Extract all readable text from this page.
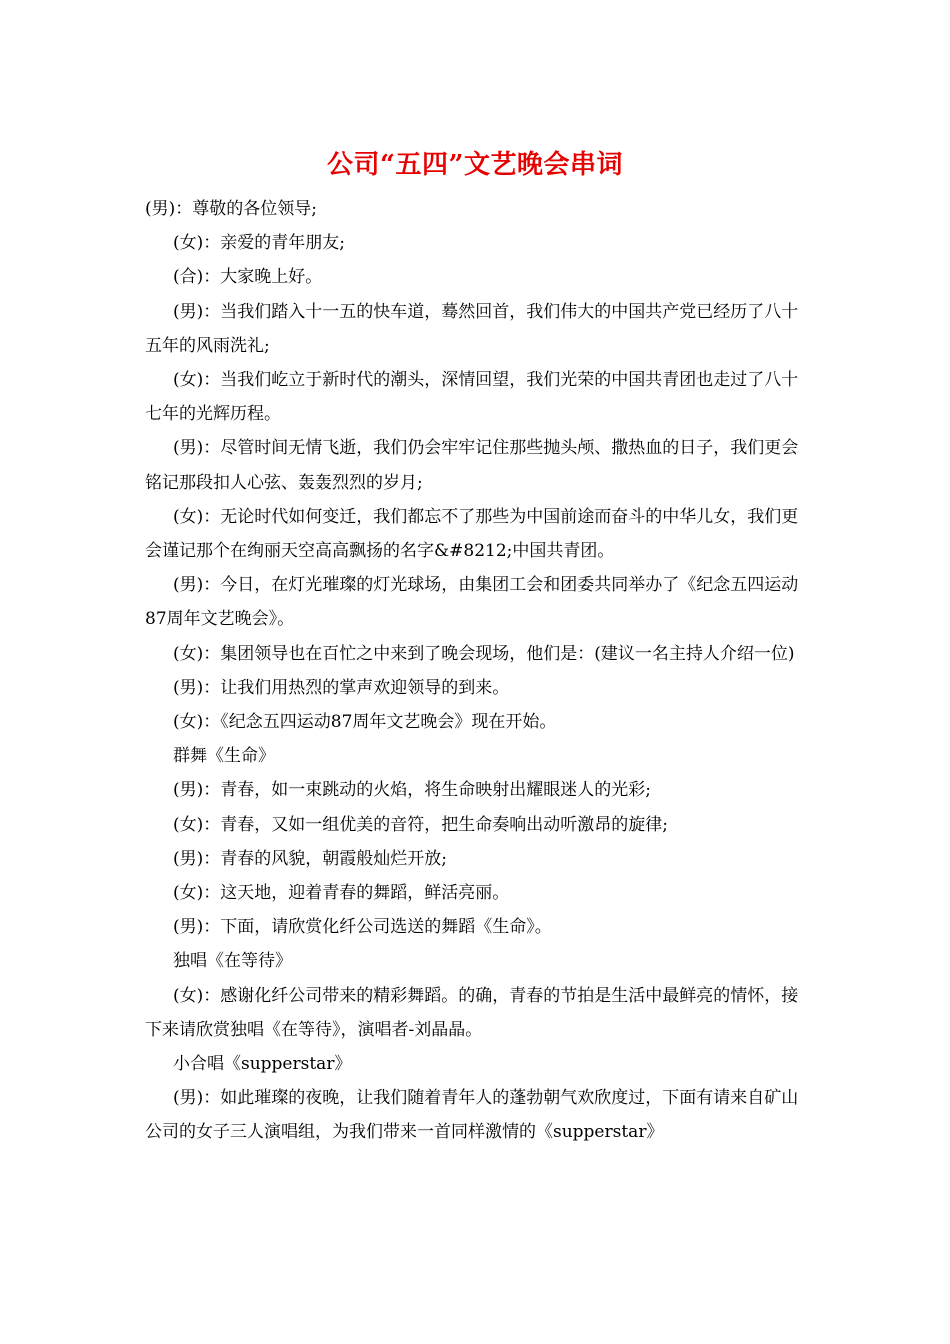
公司“五四”文艺晚会串词

(男)：尊敬的各位领导;

(女)：亲爱的青年朋友;

(合)：大家晚上好。

(男)：当我们踏入十一五的快车道，蓦然回首，我们伟大的中国共产党已经历了八十五年的风雨洗礼;

(女)：当我们屹立于新时代的潮头，深情回望，我们光荣的中国共青团也走过了八十七年的光辉历程。

(男)：尽管时间无情飞逝，我们仍会牢牢记住那些抛头颅、撒热血的日子，我们更会铭记那段扣人心弦、轰轰烈烈的岁月;

(女)：无论时代如何变迁，我们都忘不了那些为中国前途而奋斗的中华儿女，我们更会谨记那个在绚丽天空高高飘扬的名字&#8212;中国共青团。

(男)：今日，在灯光璀璨的灯光球场，由集团工会和团委共同举办了《纪念五四运动87周年文艺晚会》。

(女)：集团领导也在百忙之中来到了晚会现场，他们是：(建议一名主持人介绍一位)

(男)：让我们用热烈的掌声欢迎领导的到来。

(女)：《纪念五四运动87周年文艺晚会》现在开始。

群舞《生命》

(男)：青春，如一束跳动的火焰，将生命映射出耀眼迷人的光彩;

(女)：青春，又如一组优美的音符，把生命奏响出动听激昂的旋律;

(男)：青春的风貌，朝霞般灿烂开放;

(女)：这天地，迎着青春的舞蹈，鲜活亮丽。

(男)：下面，请欣赏化纤公司选送的舞蹈《生命》。

独唱《在等待》

(女)：感谢化纤公司带来的精彩舞蹈。的确，青春的节拍是生活中最鲜亮的情怀，接下来请欣赏独唱《在等待》，演唱者-刘晶晶。

小合唱《supperstar》

(男)：如此璀璨的夜晚，让我们随着青年人的蓬勃朝气欢欣度过，下面有请来自矿山公司的女子三人演唱组，为我们带来一首同样激情的《supperstar》
